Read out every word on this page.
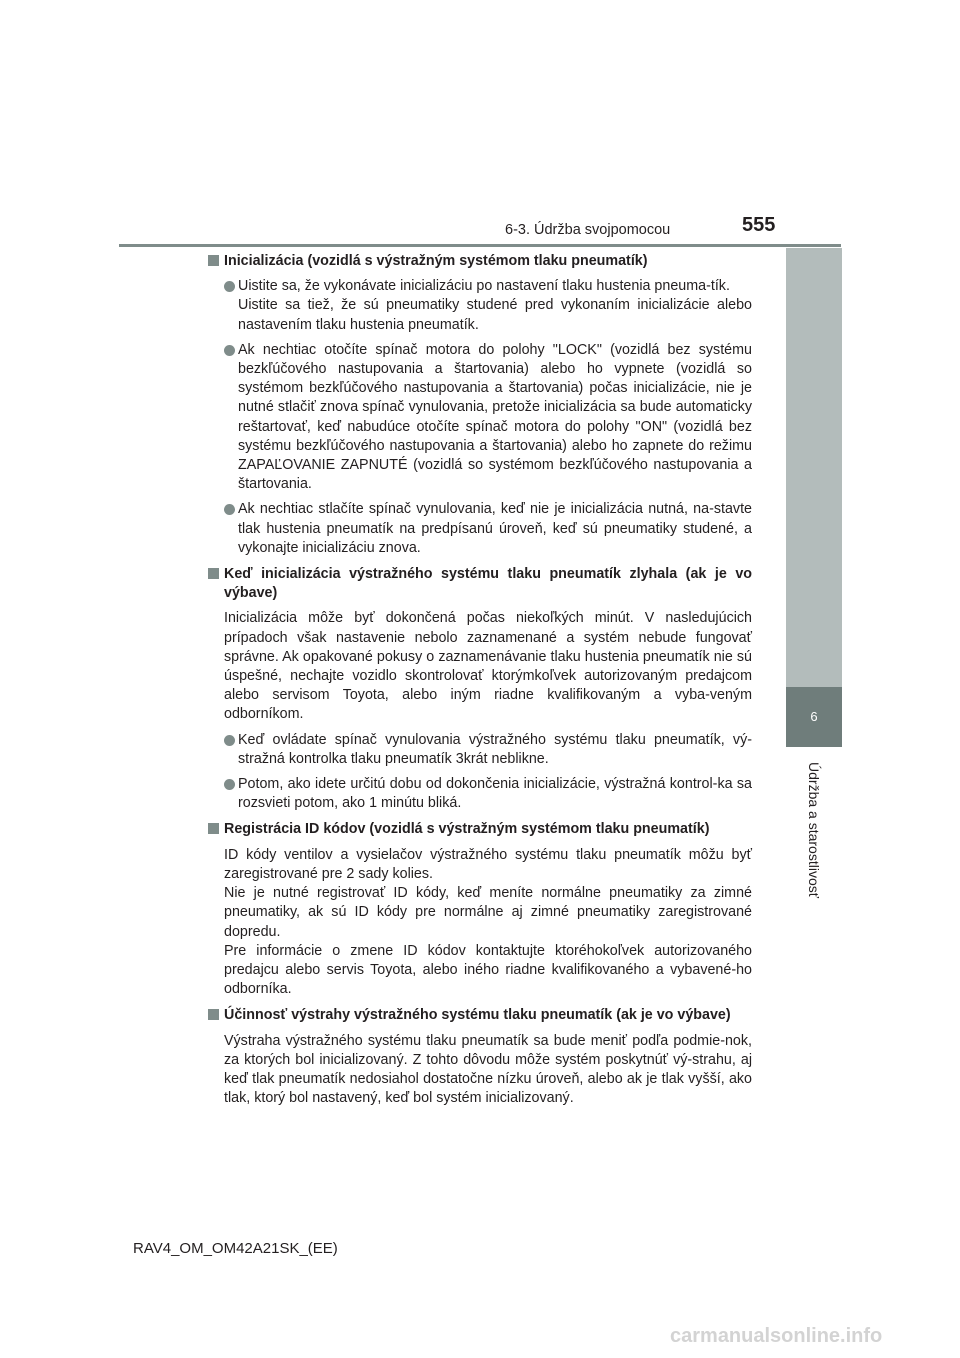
6-3. Údržba svojpomocou	555
6
Údržba a starostlivosť
Inicializácia (vozidlá s výstražným systémom tlaku pneumatík)
Uistite sa, že vykonávate inicializáciu po nastavení tlaku hustenia pneuma-tík.
Uistite sa tiež, že sú pneumatiky studené pred vykonaním inicializácie alebo nastavením tlaku hustenia pneumatík.
Ak nechtiac otočíte spínač motora do polohy "LOCK" (vozidlá bez systému bezkľúčového nastupovania a štartovania) alebo ho vypnete (vozidlá so systémom bezkľúčového nastupovania a štartovania) počas inicializácie, nie je nutné stlačiť znova spínač vynulovania, pretože inicializácia sa bude automaticky reštartovať, keď nabudúce otočíte spínač motora do polohy "ON" (vozidlá bez systému bezkľúčového nastupovania a štartovania) alebo ho zapnete do režimu ZAPAĽOVANIE ZAPNUTÉ (vozidlá so systémom bezkľúčového nastupovania a štartovania.
Ak nechtiac stlačíte spínač vynulovania, keď nie je inicializácia nutná, na-stavte tlak hustenia pneumatík na predpísanú úroveň, keď sú pneumatiky studené, a vykonajte inicializáciu znova.
Keď inicializácia výstražného systému tlaku pneumatík zlyhala (ak je vo výbave)
Inicializácia môže byť dokončená počas niekoľkých minút. V nasledujúcich prípadoch však nastavenie nebolo zaznamenané a systém nebude fungovať správne. Ak opakované pokusy o zaznamenávanie tlaku hustenia pneumatík nie sú úspešné, nechajte vozidlo skontrolovať ktorýmkoľvek autorizovaným predajcom alebo servisom Toyota, alebo iným riadne kvalifikovaným a vyba-veným odborníkom.
Keď ovládate spínač vynulovania výstražného systému tlaku pneumatík, vý-stražná kontrolka tlaku pneumatík 3krát neblikne.
Potom, ako idete určitú dobu od dokončenia inicializácie, výstražná kontrol-ka sa rozsvieti potom, ako 1 minútu bliká.
Registrácia ID kódov (vozidlá s výstražným systémom tlaku pneumatík)
ID kódy ventilov a vysielačov výstražného systému tlaku pneumatík môžu byť zaregistrované pre 2 sady kolies.
Nie je nutné registrovať ID kódy, keď meníte normálne pneumatiky za zimné pneumatiky, ak sú ID kódy pre normálne aj zimné pneumatiky zaregistrované dopredu.
Pre informácie o zmene ID kódov kontaktujte ktoréhokoľvek autorizovaného predajcu alebo servis Toyota, alebo iného riadne kvalifikovaného a vybavené-ho odborníka.
Účinnosť výstrahy výstražného systému tlaku pneumatík (ak je vo výbave)
Výstraha výstražného systému tlaku pneumatík sa bude meniť podľa podmie-nok, za ktorých bol inicializovaný. Z tohto dôvodu môže systém poskytnúť vý-strahu, aj keď tlak pneumatík nedosiahol dostatočne nízku úroveň, alebo ak je tlak vyšší, ako tlak, ktorý bol nastavený, keď bol systém inicializovaný.
RAV4_OM_OM42A21SK_(EE)
carmanualsonline.info
